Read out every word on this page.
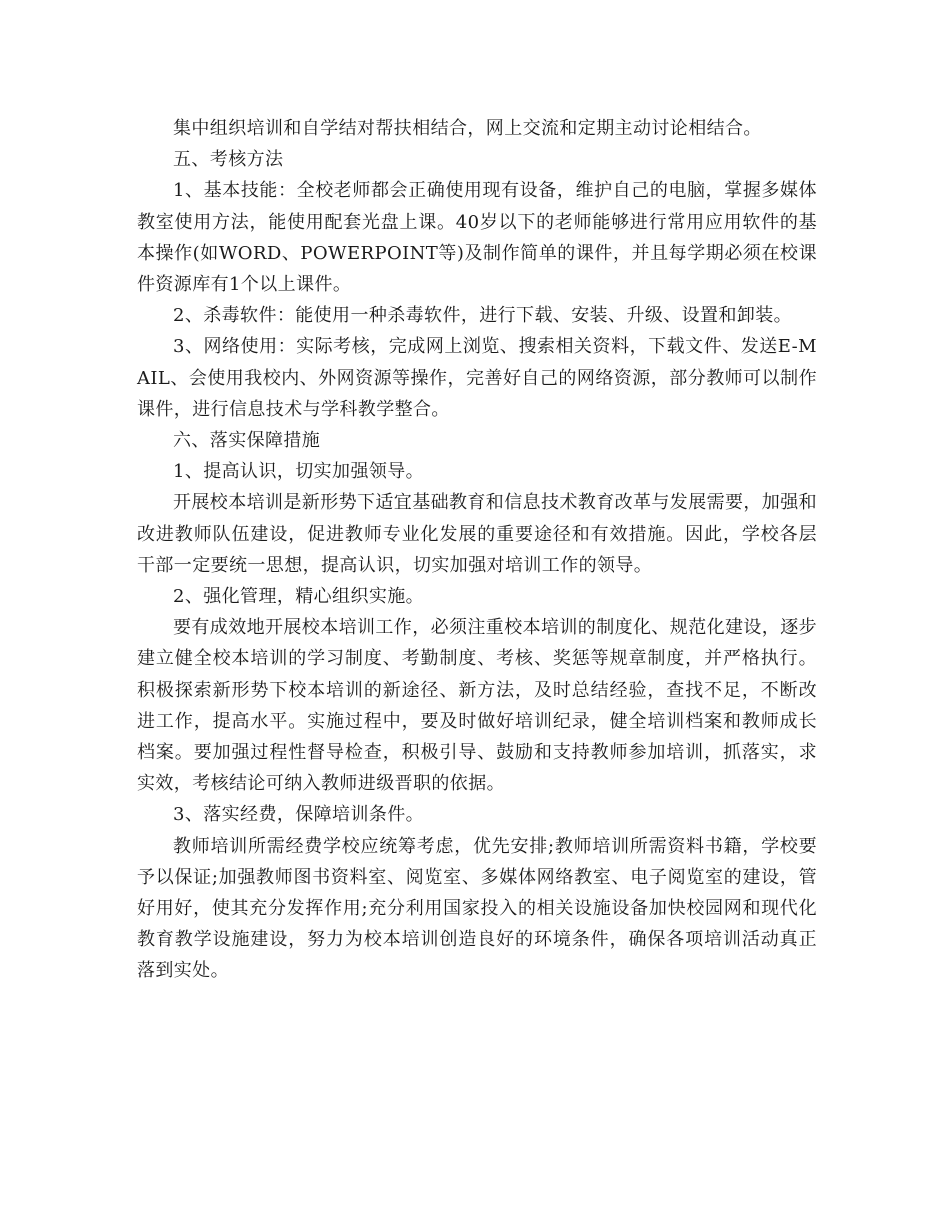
集中组织培训和自学结对帮扶相结合，网上交流和定期主动讨论相结合。

五、考核方法

1、基本技能：全校老师都会正确使用现有设备，维护自己的电脑，掌握多媒体教室使用方法，能使用配套光盘上课。40岁以下的老师能够进行常用应用软件的基本操作(如WORD、POWERPOINT等)及制作简单的课件，并且每学期必须在校课件资源库有1个以上课件。

2、杀毒软件：能使用一种杀毒软件，进行下载、安装、升级、设置和卸装。

3、网络使用：实际考核，完成网上浏览、搜索相关资料，下载文件、发送E-MAIL、会使用我校内、外网资源等操作，完善好自己的网络资源，部分教师可以制作课件，进行信息技术与学科教学整合。

六、落实保障措施

1、提高认识，切实加强领导。

开展校本培训是新形势下适宜基础教育和信息技术教育改革与发展需要，加强和改进教师队伍建设，促进教师专业化发展的重要途径和有效措施。因此，学校各层干部一定要统一思想，提高认识，切实加强对培训工作的领导。

2、强化管理，精心组织实施。

要有成效地开展校本培训工作，必须注重校本培训的制度化、规范化建设，逐步建立健全校本培训的学习制度、考勤制度、考核、奖惩等规章制度，并严格执行。积极探索新形势下校本培训的新途径、新方法，及时总结经验，查找不足，不断改进工作，提高水平。实施过程中，要及时做好培训纪录，健全培训档案和教师成长档案。要加强过程性督导检查，积极引导、鼓励和支持教师参加培训，抓落实，求实效，考核结论可纳入教师进级晋职的依据。

3、落实经费，保障培训条件。

教师培训所需经费学校应统筹考虑，优先安排;教师培训所需资料书籍，学校要予以保证;加强教师图书资料室、阅览室、多媒体网络教室、电子阅览室的建设，管好用好，使其充分发挥作用;充分利用国家投入的相关设施设备加快校园网和现代化教育教学设施建设，努力为校本培训创造良好的环境条件，确保各项培训活动真正落到实处。
